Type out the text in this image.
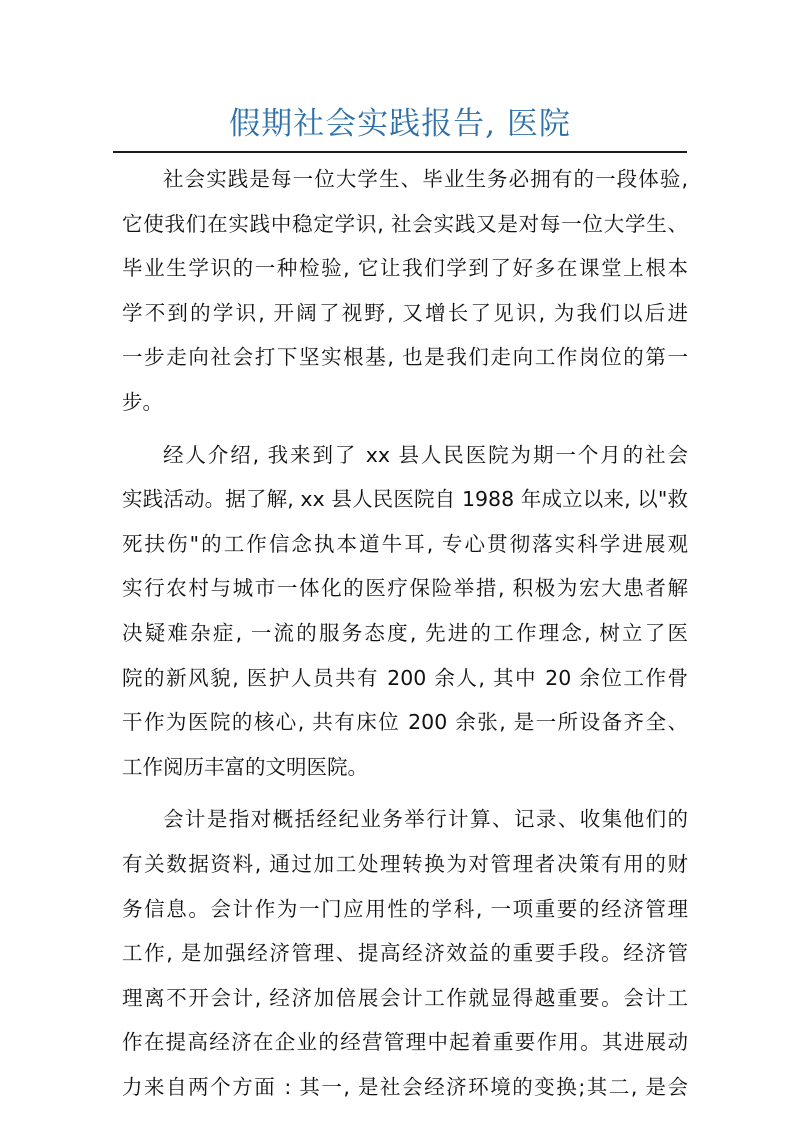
假期社会实践报告, 医院
社会实践是每一位大学生、毕业生务必拥有的一段体验,
它使我们在实践中稳定学识, 社会实践又是对每一位大学生、
毕业生学识的一种检验, 它让我们学到了好多在课堂上根本
学不到的学识, 开阔了视野, 又增长了见识, 为我们以后进
一步走向社会打下坚实根基, 也是我们走向工作岗位的第一
步。
经人介绍, 我来到了 xx 县人民医院为期一个月的社会
实践活动。据了解, xx 县人民医院自 1988 年成立以来, 以"救
死扶伤"的工作信念执本道牛耳, 专心贯彻落实科学进展观
实行农村与城市一体化的医疗保险举措, 积极为宏大患者解
决疑难杂症, 一流的服务态度, 先进的工作理念, 树立了医
院的新风貌, 医护人员共有 200 余人, 其中 20 余位工作骨
干作为医院的核心, 共有床位 200 余张, 是一所设备齐全、
工作阅历丰富的文明医院。
会计是指对概括经纪业务举行计算、记录、收集他们的
有关数据资料, 通过加工处理转换为对管理者决策有用的财
务信息。会计作为一门应用性的学科, 一项重要的经济管理
工作, 是加强经济管理、提高经济效益的重要手段。经济管
理离不开会计, 经济加倍展会计工作就显得越重要。会计工
作在提高经济在企业的经营管理中起着重要作用。其进展动
力来自两个方面 : 其一, 是社会经济环境的变换;其二, 是会
